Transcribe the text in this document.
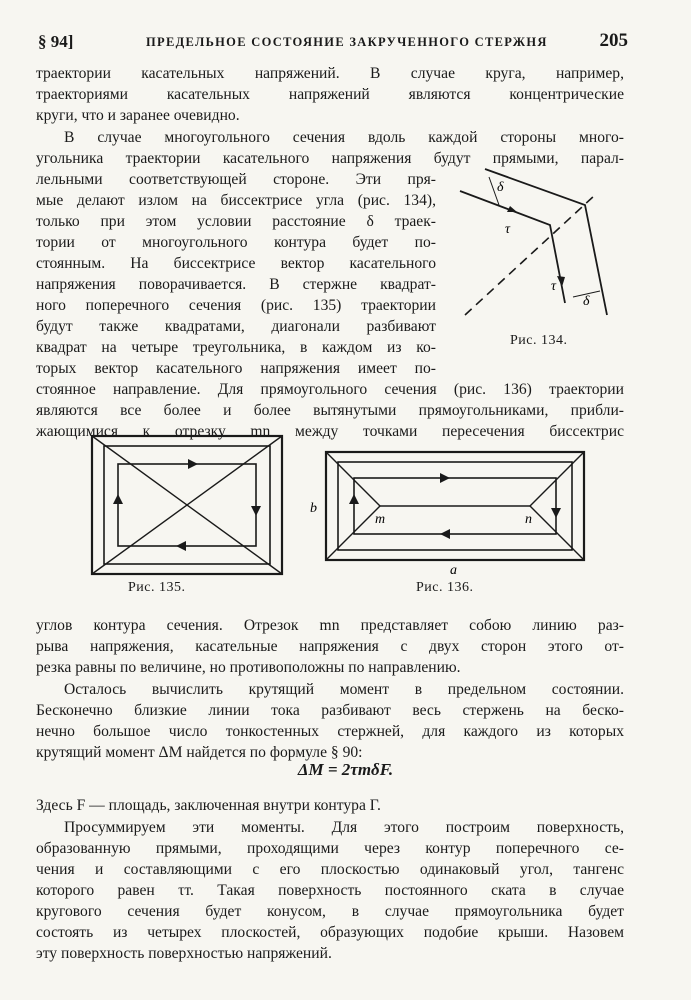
§ 94]	ПРЕДЕЛЬНОЕ СОСТОЯНИЕ ЗАКРУЧЕННОГО СТЕРЖНЯ	205
траектории касательных напряжений. В случае круга, например,
траекториями касательных напряжений являются концентрические
круги, что и заранее очевидно.
В случае многоугольного сечения вдоль каждой стороны много-
угольника траектории касательного напряжения будут прямыми, парал-
лельными соответствующей стороне. Эти пря-
мые делают излом на биссектрисе угла (рис. 134),
только при этом условии расстояние δ траек-
тории от многоугольного контура будет по-
стоянным. На биссектрисе вектор касательного
напряжения поворачивается. В стержне квадрат-
ного поперечного сечения (рис. 135) траектории
будут также квадратами, диагонали разбивают
квадрат на четыре треугольника, в каждом из ко-
торых вектор касательного напряжения имеет по-
стоянное направление. Для прямоугольного сечения (рис. 136) траектории
являются все более и более вытянутыми прямоугольниками, прибли-
жающимися к отрезку mn между точками пересечения биссектрис
δ
τ
τ
δ
Рис. 134.
Рис. 135.
b
m	n
a
Рис. 136.
углов контура сечения. Отрезок mn представляет собою линию раз-
рыва напряжения, касательные напряжения с двух сторон этого от-
резка равны по величине, но противоположны по направлению.
Осталось вычислить крутящий момент в предельном состоянии.
Бесконечно близкие линии тока разбивают весь стержень на беско-
нечно большое число тонкостенных стержней, для каждого из которых
крутящий момент ΔM найдется по формуле § 90:
ΔM = 2τтδF.
Здесь F — площадь, заключенная внутри контура Г.
Просуммируем эти моменты. Для этого построим поверхность,
образованную прямыми, проходящими через контур поперечного се-
чения и составляющими с его плоскостью одинаковый угол, тангенс
которого равен τт. Такая поверхность постоянного ската в случае
кругового сечения будет конусом, в случае прямоугольника будет
состоять из четырех плоскостей, образующих подобие крыши. Назовем
эту поверхность поверхностью напряжений.
